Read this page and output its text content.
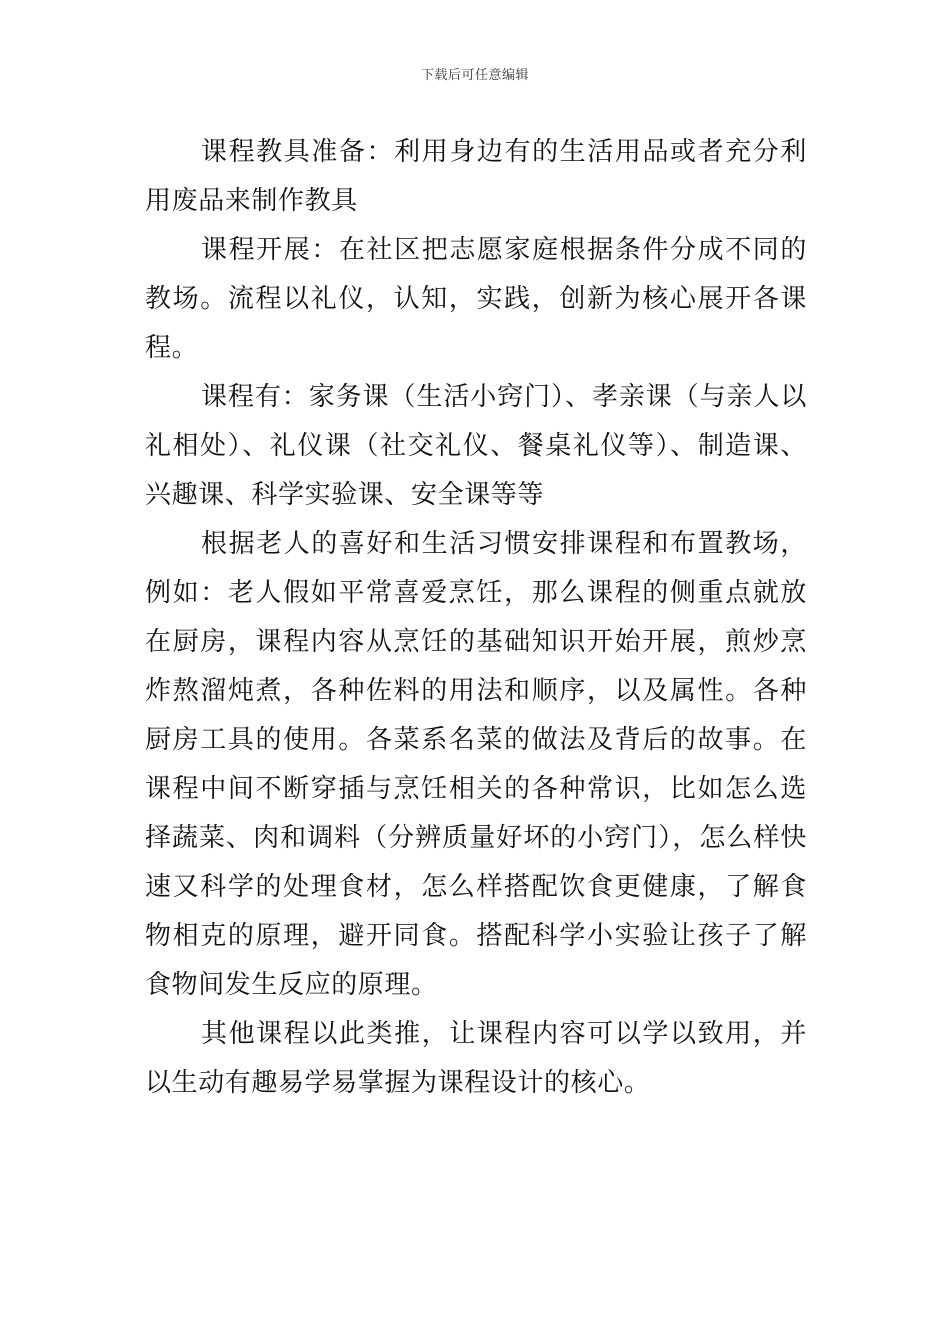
下载后可任意编辑

课程教具准备：利用身边有的生活用品或者充分利用废品来制作教具

课程开展：在社区把志愿家庭根据条件分成不同的教场。流程以礼仪，认知，实践，创新为核心展开各课程。

课程有：家务课（生活小窍门）、孝亲课（与亲人以礼相处）、礼仪课（社交礼仪、餐桌礼仪等）、制造课、兴趣课、科学实验课、安全课等等

根据老人的喜好和生活习惯安排课程和布置教场，例如：老人假如平常喜爱烹饪，那么课程的侧重点就放在厨房，课程内容从烹饪的基础知识开始开展，煎炒烹炸熬溜炖煮，各种佐料的用法和顺序，以及属性。各种厨房工具的使用。各菜系名菜的做法及背后的故事。在课程中间不断穿插与烹饪相关的各种常识，比如怎么选择蔬菜、肉和调料（分辨质量好坏的小窍门），怎么样快速又科学的处理食材，怎么样搭配饮食更健康，了解食物相克的原理，避开同食。搭配科学小实验让孩子了解食物间发生反应的原理。

其他课程以此类推，让课程内容可以学以致用，并以生动有趣易学易掌握为课程设计的核心。
